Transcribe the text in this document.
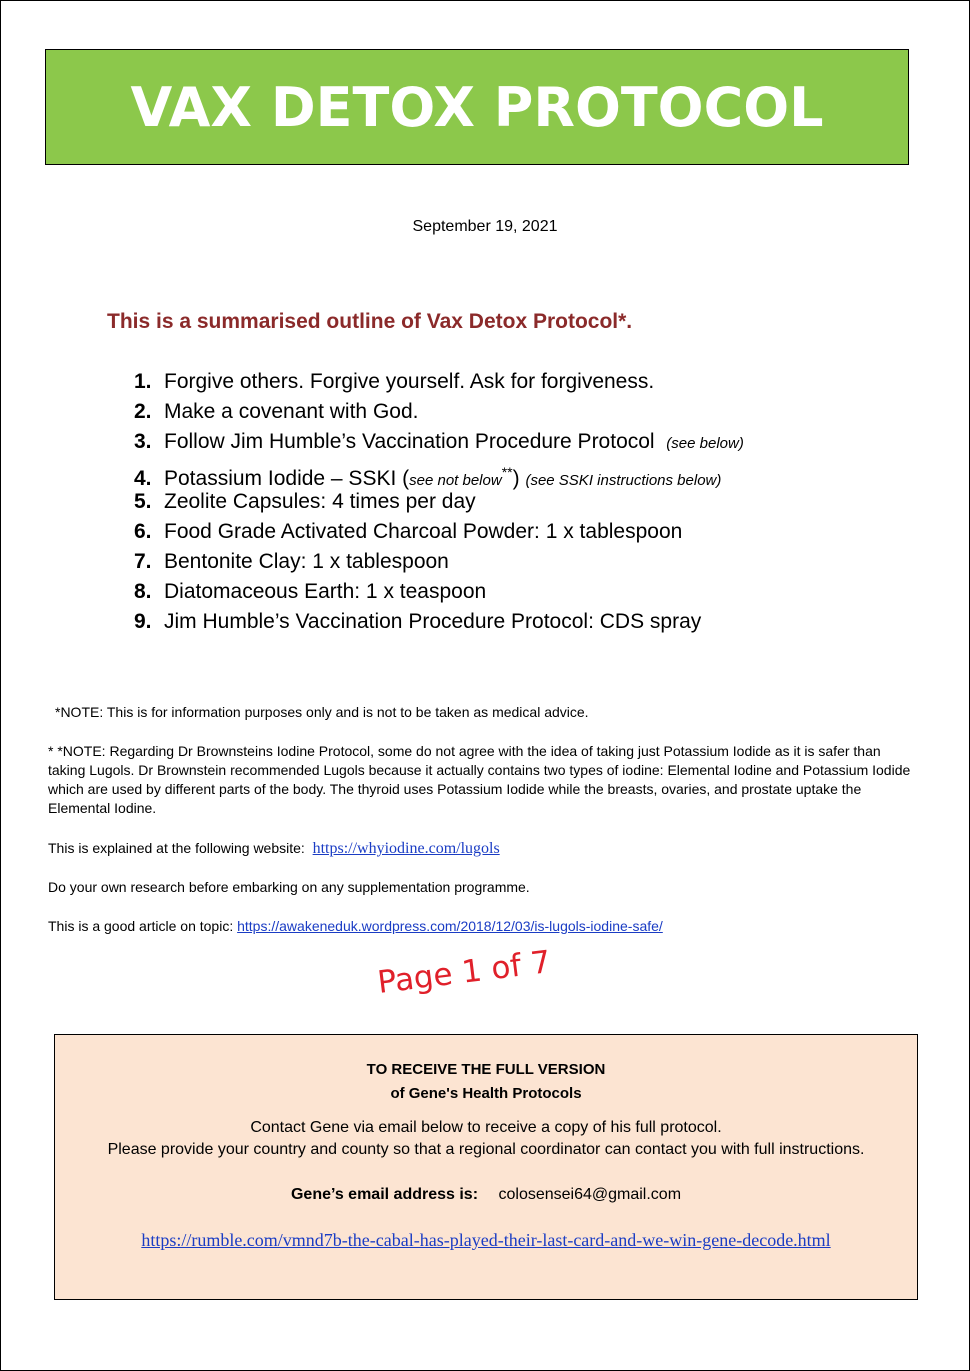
VAX DETOX PROTOCOL
September 19, 2021
This is a summarised outline of Vax Detox Protocol*.
1. Forgive others. Forgive yourself. Ask for forgiveness.
2. Make a covenant with God.
3. Follow Jim Humble’s Vaccination Procedure Protocol (see below)
4. Potassium Iodide – SSKI (see not below**) (see SSKI instructions below)
5. Zeolite Capsules: 4 times per day
6. Food Grade Activated Charcoal Powder: 1 x tablespoon
7. Bentonite Clay: 1 x tablespoon
8. Diatomaceous Earth: 1 x teaspoon
9. Jim Humble’s Vaccination Procedure Protocol: CDS spray
*NOTE: This is for information purposes only and is not to be taken as medical advice.
* *NOTE: Regarding Dr Brownsteins Iodine Protocol, some do not agree with the idea of taking just Potassium Iodide as it is safer than taking Lugols. Dr Brownstein recommended Lugols because it actually contains two types of iodine: Elemental Iodine and Potassium Iodide which are used by different parts of the body. The thyroid uses Potassium Iodide while the breasts, ovaries, and prostate uptake the Elemental Iodine.
This is explained at the following website: https://whyiodine.com/lugols
Do your own research before embarking on any supplementation programme.
This is a good article on topic: https://awakeneduk.wordpress.com/2018/12/03/is-lugols-iodine-safe/
Page 1 of 7
TO RECEIVE THE FULL VERSION
of Gene's Health Protocols
Contact Gene via email below to receive a copy of his full protocol.
Please provide your country and county so that a regional coordinator can contact you with full instructions.
Gene’s email address is: colosensei64@gmail.com
https://rumble.com/vmnd7b-the-cabal-has-played-their-last-card-and-we-win-gene-decode.html
